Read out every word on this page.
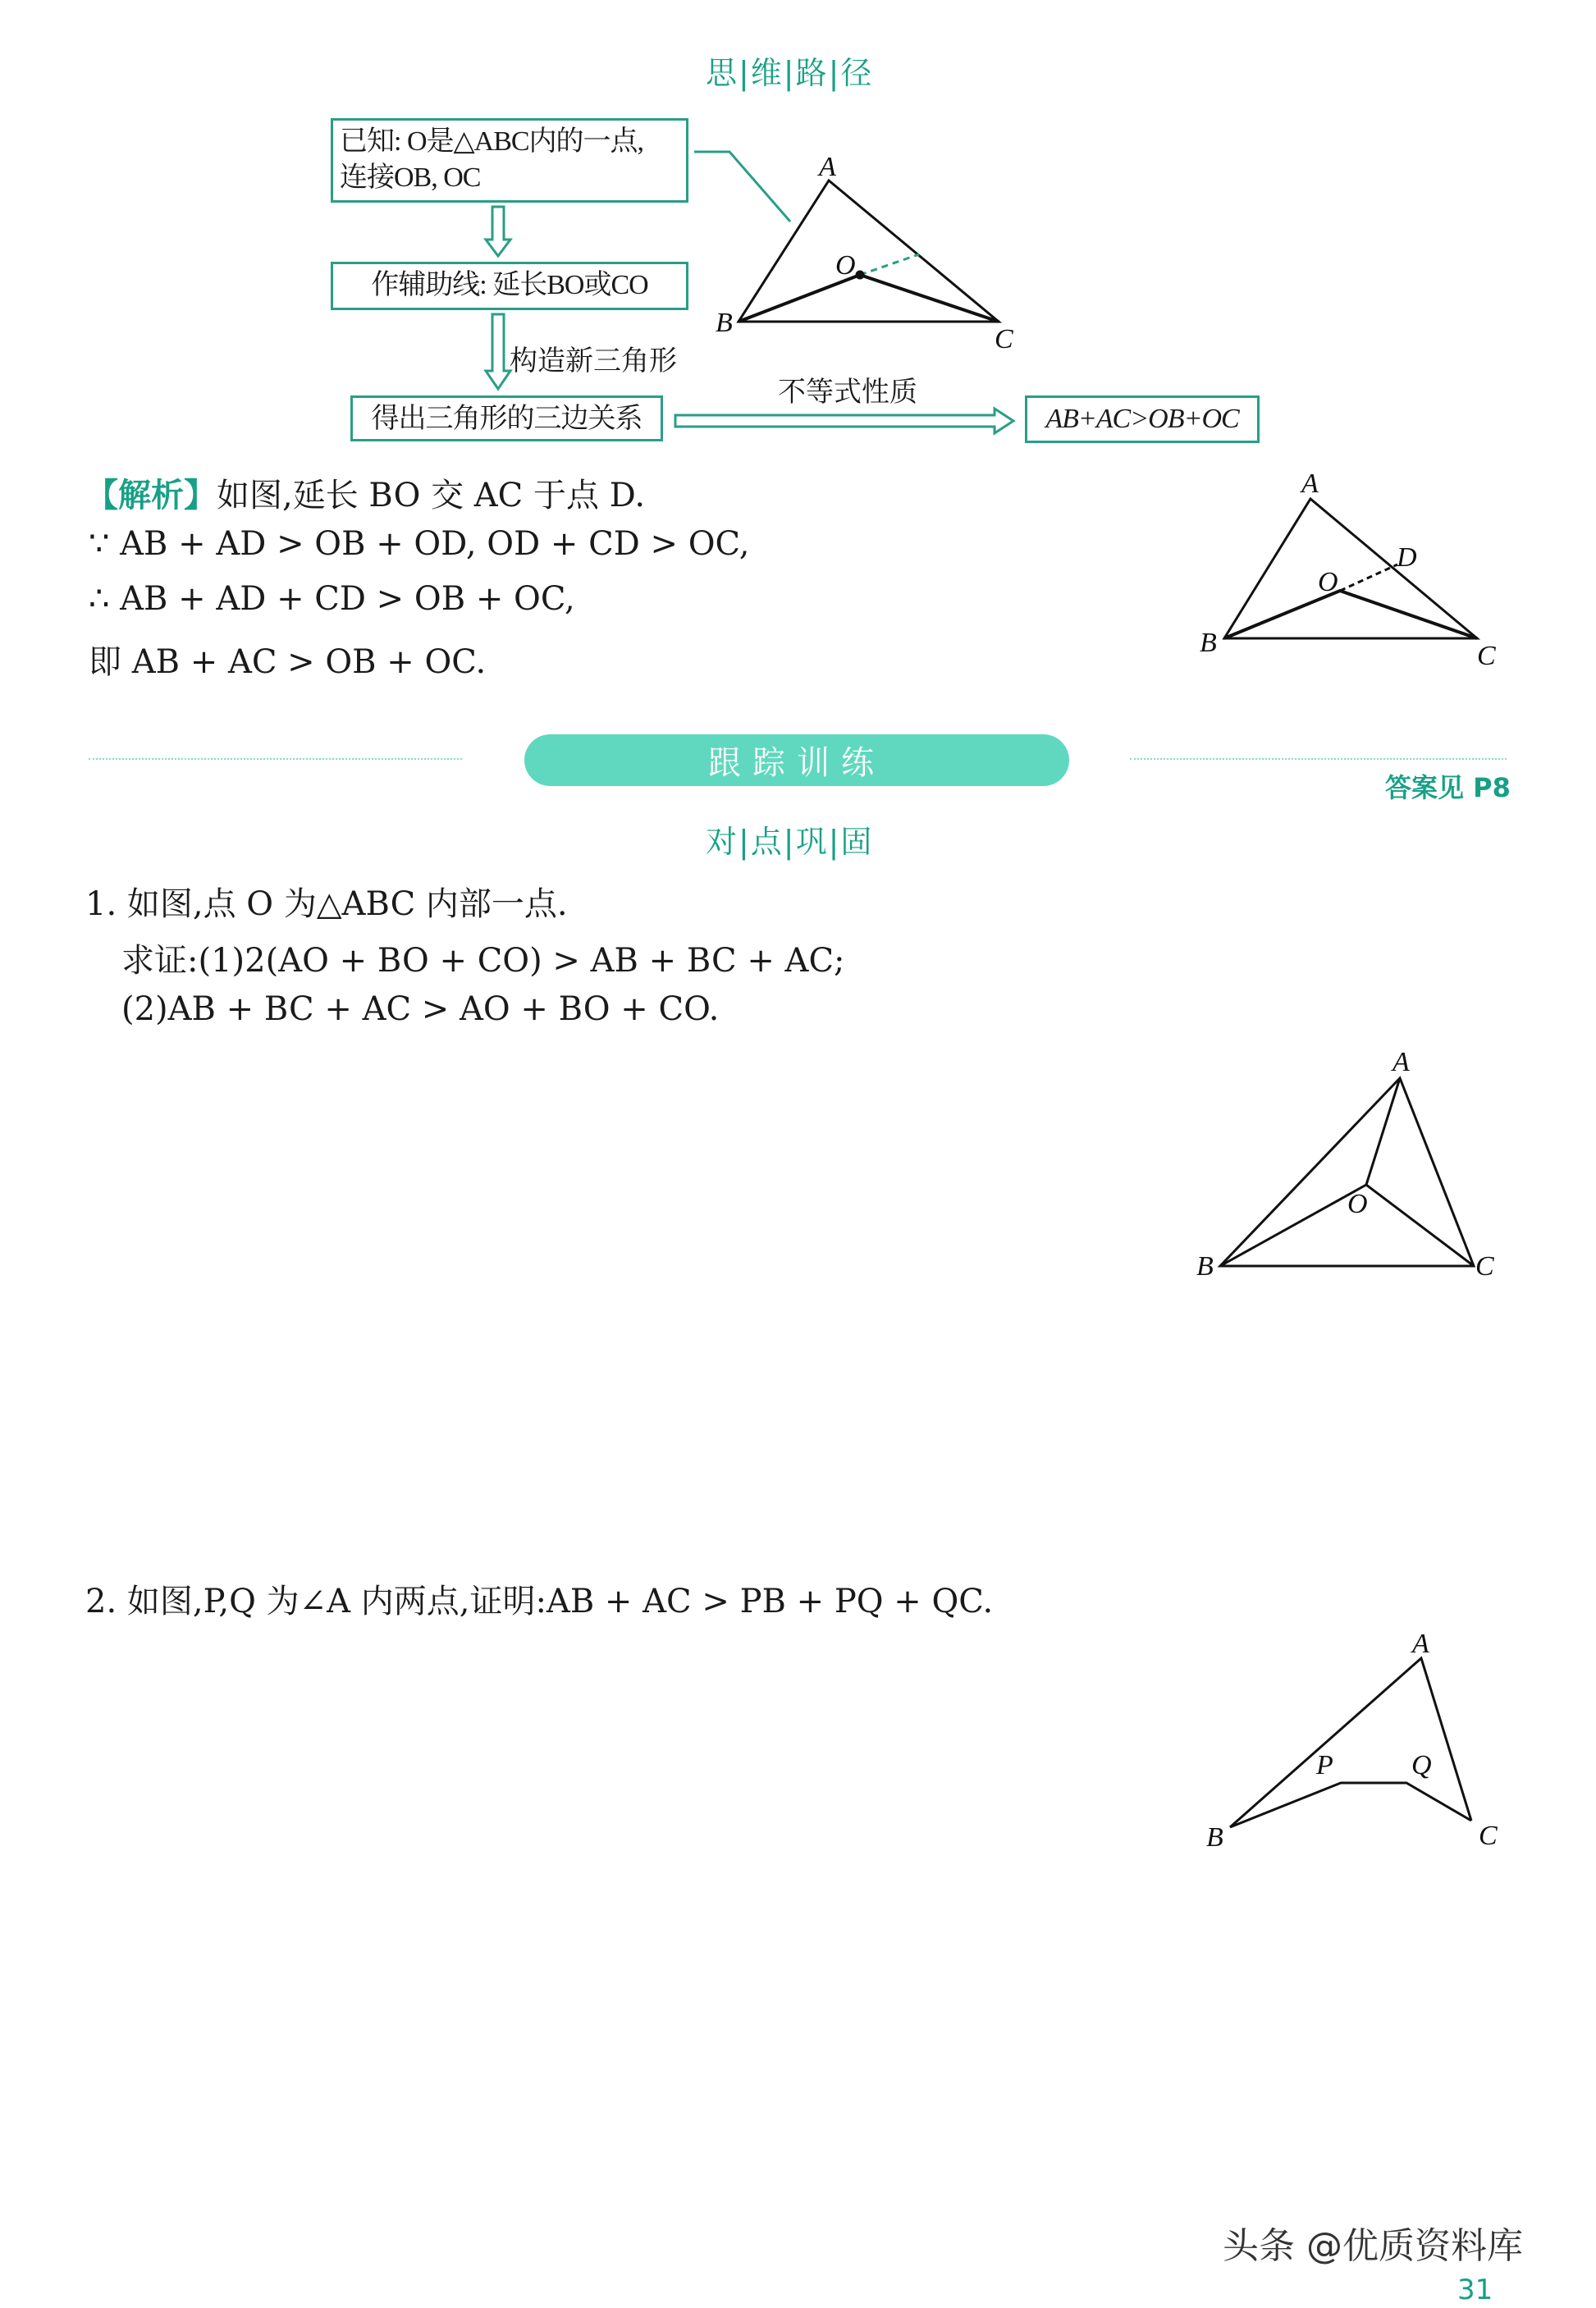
思|维|路|径
已知: O是△ABC内的一点,
连接OB, OC
作辅助线: 延长BO或CO
构造新三角形
得出三角形的三边关系
不等式性质
AB+AC>OB+OC
A
B
C
O
A
B	C
O
D
A
B	C
O
A
B	C
P	Q
【解析】如图,延长 BO 交 AC 于点 D.
∵ AB + AD > OB + OD, OD + CD > OC,
∴ AB + AD + CD > OB + OC,
即 AB + AC > OB + OC.
跟踪训练
答案见 P8
对|点|巩|固
1. 如图,点 O 为△ABC 内部一点.
求证:(1)2(AO + BO + CO) > AB + BC + AC;
(2)AB + BC + AC > AO + BO + CO.
2. 如图,P,Q 为∠A 内两点,证明:AB + AC > PB + PQ + QC.
头条 @优质资料库
31
